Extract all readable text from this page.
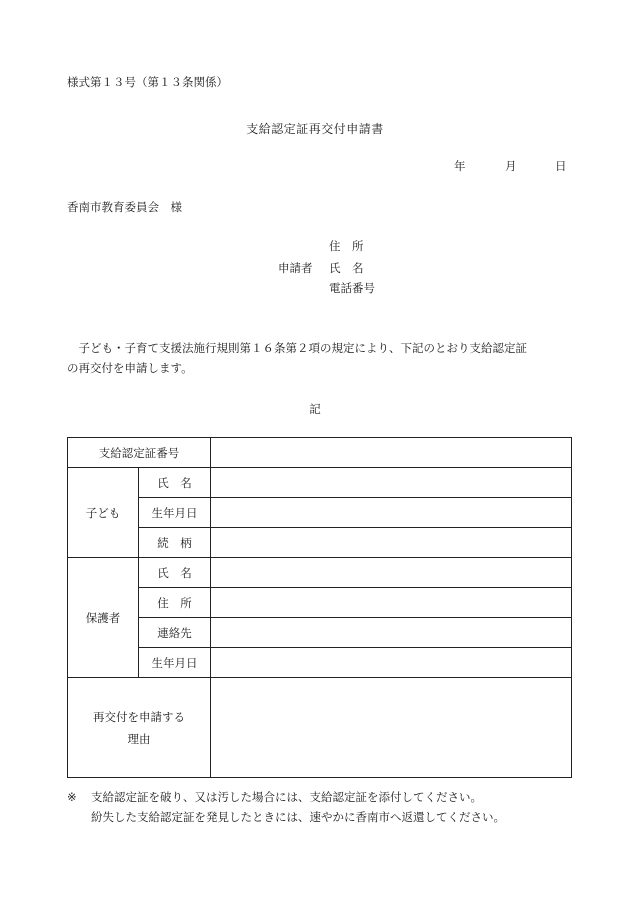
様式第１３号（第１３条関係）
支給認定証再交付申請書
年	月	日
香南市教育委員会　様
申請者
住　所
氏　名
電話番号
　子ども・子育て支援法施行規則第１６条第２項の規定により、下記のとおり支給認定証
の再交付を申請します。
記
支給認定証番号		
子ども	氏　名	
	生年月日	
	続　柄	
保護者	氏　名	
	住　所	
	連絡先	
	生年月日	

再交付を申請する
理由		

※ 支給認定証を破り、又は汚した場合には、支給認定証を添付してください。
紛失した支給認定証を発見したときには、速やかに香南市へ返還してください。
